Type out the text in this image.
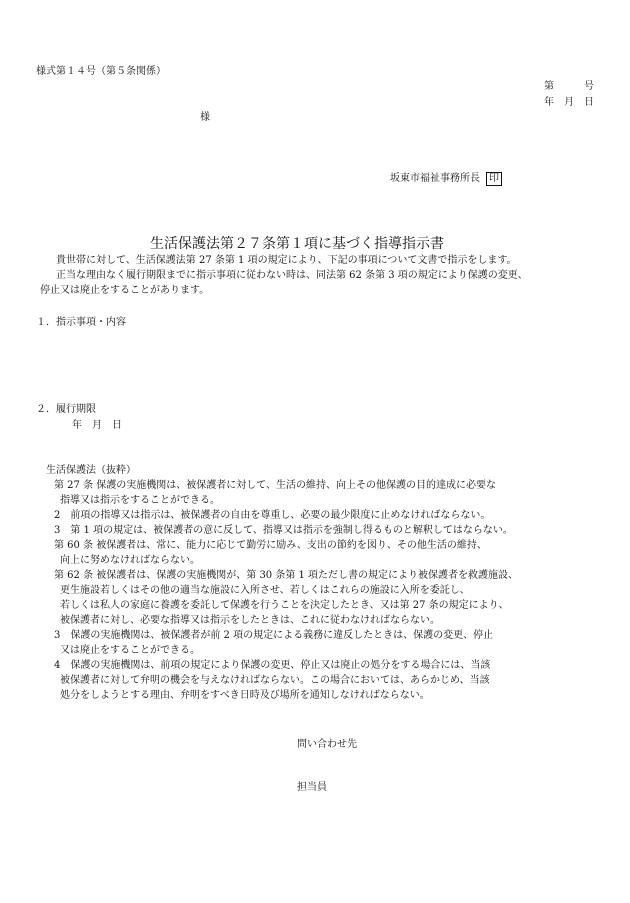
様式第１４号（第５条関係）
第　　　号
年　月　日
様
坂東市福祉事務所長 印
生活保護法第２７条第１項に基づく指導指示書
貴世帯に対して、生活保護法第 27 条第 1 項の規定により、下記の事項について文書で指示をします。
正当な理由なく履行期限までに指示事項に従わない時は、同法第 62 条第 3 項の規定により保護の変更、
停止又は廃止をすることがあります。
１．指示事項・内容
２．履行期限
年　月　日
生活保護法（抜粋）
第 27 条 保護の実施機関は、被保護者に対して、生活の維持、向上その他保護の目的達成に必要な
指導又は指示をすることができる。
2　前項の指導又は指示は、被保護者の自由を尊重し、必要の最少限度に止めなければならない。
3　第 1 項の規定は、被保護者の意に反して、指導又は指示を強制し得るものと解釈してはならない。
第 60 条 被保護者は、常に、能力に応じて勤労に励み、支出の節約を図り、その他生活の維持、
向上に努めなければならない。
第 62 条 被保護者は、保護の実施機関が、第 30 条第 1 項ただし書の規定により被保護者を救護施設、
更生施設若しくはその他の適当な施設に入所させ、若しくはこれらの施設に入所を委託し、
若しくは私人の家庭に養護を委託して保護を行うことを決定したとき、又は第 27 条の規定により、
被保護者に対し、必要な指導又は指示をしたときは、これに従わなければならない。
3　保護の実施機関は、被保護者が前 2 項の規定による義務に違反したときは、保護の変更、停止
又は廃止をすることができる。
4　保護の実施機関は、前項の規定により保護の変更、停止又は廃止の処分をする場合には、当該
被保護者に対して弁明の機会を与えなければならない。この場合においては、あらかじめ、当該
処分をしようとする理由、弁明をすべき日時及び場所を通知しなければならない。
問い合わせ先
担当員
